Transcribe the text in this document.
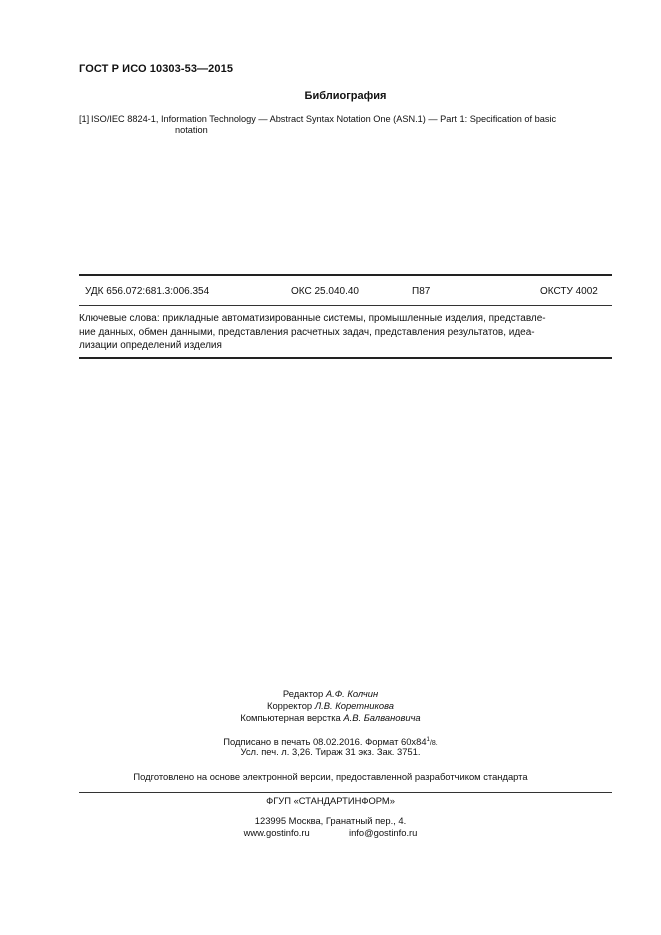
ГОСТ Р ИСО 10303-53—2015
Библиография
[1] ISO/IEC 8824-1, Information Technology — Abstract Syntax Notation One (ASN.1) — Part 1: Specification of basic
notation
УДК 656.072:681.3:006.354	ОКС 25.040.40	П87	ОКСТУ 4002
Ключевые слова: прикладные автоматизированные системы, промышленные изделия, представле-
ние данных, обмен данными, представления расчетных задач, представления результатов, идеа-
лизации определений изделия
Редактор А.Ф. Колчин
Корректор Л.В. Коретникова
Компьютерная верстка А.В. Балвановича
Подписано в печать 08.02.2016. Формат $60x84^1/8$.
Усл. печ. л. 3,26. Тираж 31 экз. Зак. 3751.
Подготовлено на основе электронной версии, предоставленной разработчиком стандарта
ФГУП «СТАНДАРТИНФОРМ»
123995 Москва, Гранатный пер., 4.
www.gostinfo.ru	info@gostinfo.ru
